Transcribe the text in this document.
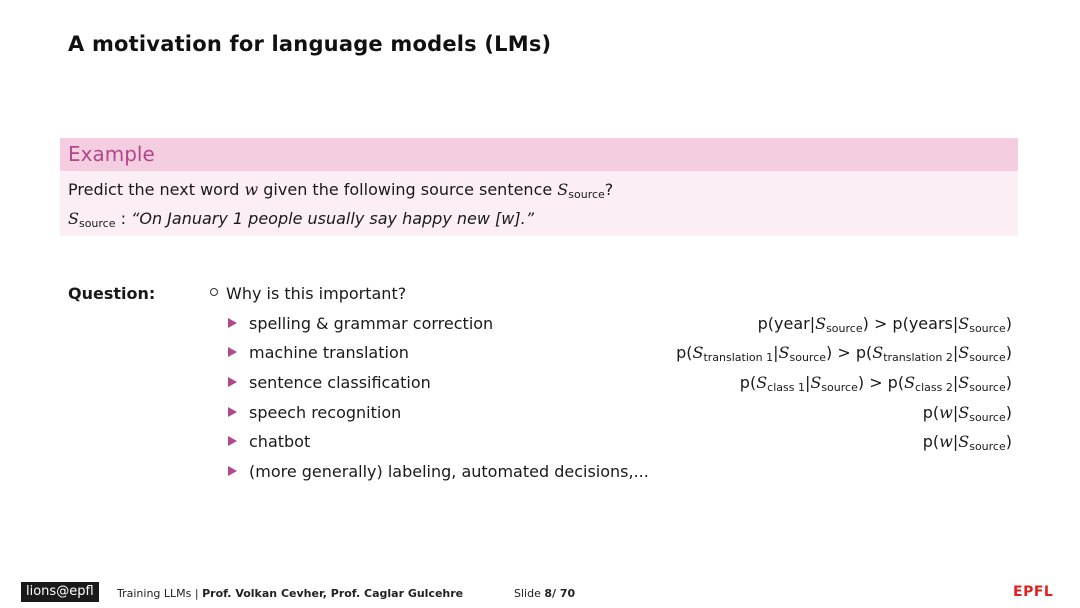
A motivation for language models (LMs)
Example
Predict the next word w given the following source sentence $S_{source}$?
$S_{source}$ : “On January 1 people usually say happy new [w].”
Question:	Why is this important?
spelling & grammar correction	$p(year|S_{source})$ > $p(years|S_{source})$
machine translation	$p(S_{translation 1}|S_{source}) > p(S_{translation 2}|S_{source})$
sentence classification	$p(S_{class 1}|S_{source}) > p(S_{class 2}|S_{source})$
speech recognition	$p(w|S_{source})$
chatbot	$p(w|S_{source})$
(more generally) labeling, automated decisions,...
lions@epfl	Training LLMs | Prof. Volkan Cevher, Prof. Caglar Gulcehre	Slide 8/ 70	EPFL
